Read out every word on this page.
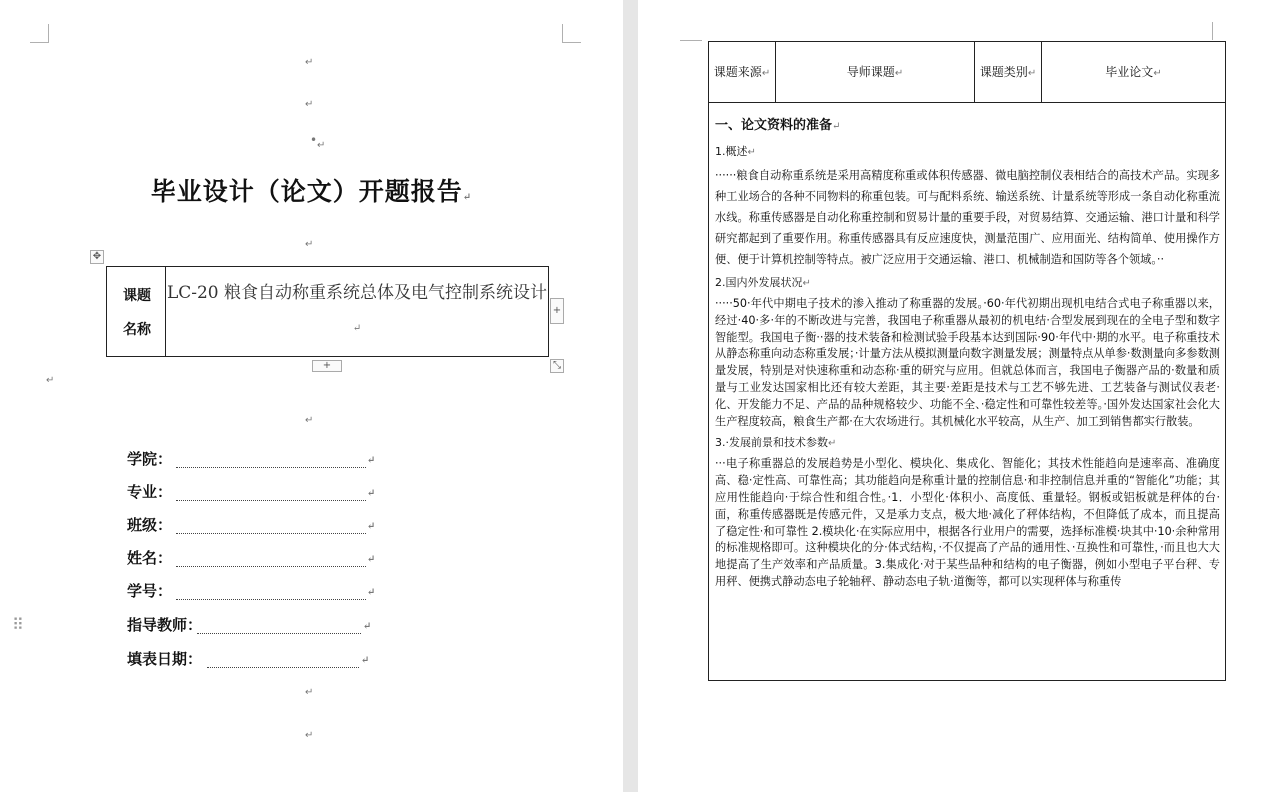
↵
↵
• ↵
毕业设计（论文）开题报告↵
↵
✥
课题
名称
LC-20 粮食自动称重系统总体及电气控制系统设计↵
+
+	⤡
↵
↵
学院：	↵
专业：	↵
班级：	↵
姓名：	↵
学号：	↵
指导教师：	↵
填表日期：	↵
⠿
↵
↵
课题来源↵	导师课题↵	课题类别↵	毕业论文↵
一、论文资料的准备↵
1.概述↵

······粮食自动称重系统是采用高精度称重或体积传感器、微电脑控制仪表相结合的高技术产品。实现多种工业场合的各种不同物料的称重包装。可与配料系统、输送系统、计量系统等形成一条自动化称重流水线。称重传感器是自动化称重控制和贸易计量的重要手段，对贸易结算、交通运输、港口计量和科学研究都起到了重要作用。称重传感器具有反应速度快，测量范围广、应用面光、结构简单、使用操作方便、便于计算机控制等特点。被广泛应用于交通运输、港口、机械制造和国防等各个领域。··

2.国内外发展状况↵

·····50·年代中期电子技术的渗入推动了称重器的发展。·60·年代初期出现机电结合式电子称重器以来，经过·40·多·年的不断改进与完善，我国电子称重器从最初的机电结·合型发展到现在的全电子型和数字智能型。我国电子衡··器的技术装备和检测试验手段基本达到国际·90·年代中·期的水平。电子称重技术从静态称重向动态称重发展；·计量方法从模拟测量向数字测量发展；测量特点从单参·数测量向多参数测量发展，特别是对快速称重和动态称·重的研究与应用。但就总体而言，我国电子衡器产品的·数量和质量与工业发达国家相比还有较大差距，其主要·差距是技术与工艺不够先进、工艺装备与测试仪表老·化、开发能力不足、产品的品种规格较少、功能不全、·稳定性和可靠性较差等。·国外发达国家社会化大生产程度较高，粮食生产都·在大农场进行。其机械化水平较高，从生产、加工到销售都实行散装。

3.·发展前景和技术参数↵

···电子称重器总的发展趋势是小型化、模块化、集成化、智能化；其技术性能趋向是速率高、准确度高、稳·定性高、可靠性高；其功能趋向是称重计量的控制信息·和非控制信息并重的“智能化”功能；其应用性能趋向·于综合性和组合性。·1．小型化·体积小、高度低、重量轻。钢板或铝板就是秤体的台·面，称重传感器既是传感元件，又是承力支点，极大地·减化了秤体结构，不但降低了成本，而且提高了稳定性·和可靠性 2.模块化·在实际应用中，根据各行业用户的需要，选择标准模·块其中·10·余种常用的标准规格即可。这种模块化的分·体式结构，·不仅提高了产品的通用性、·互换性和可靠性，·而且也大大地提高了生产效率和产品质量。3.集成化·对于某些品种和结构的电子衡器，例如小型电子平台秤、专用秤、便携式静动态电子轮轴秤、静动态电子轨·道衡等，都可以实现秤体与称重传
